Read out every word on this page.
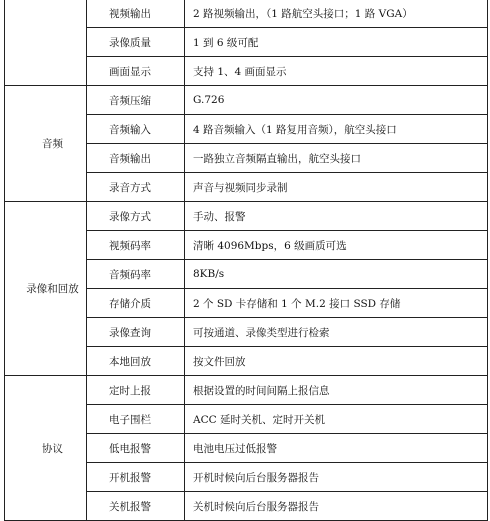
	视频输出	2 路视频输出，（1 路航空头接口；1 路 VGA）
	录像质量	1 到 6 级可配
	画面显示	支持 1、4 画面显示
音频	音频压缩	G.726
	音频输入	4 路音频输入（1 路复用音频），航空头接口
	音频输出	一路独立音频隔直输出，航空头接口
	录音方式	声音与视频同步录制
录像和回放	录像方式	手动、报警
	视频码率	清晰 4096Mbps，6 级画质可选
	音频码率	8KB/s
	存储介质	2 个 SD 卡存储和 1 个 M.2 接口 SSD 存储
	录像查询	可按通道、录像类型进行检索
	本地回放	按文件回放
协议	定时上报	根据设置的时间间隔上报信息
	电子围栏	ACC 延时关机、定时开关机
	低电报警	电池电压过低报警
	开机报警	开机时候向后台服务器报告
	关机报警	关机时候向后台服务器报告
